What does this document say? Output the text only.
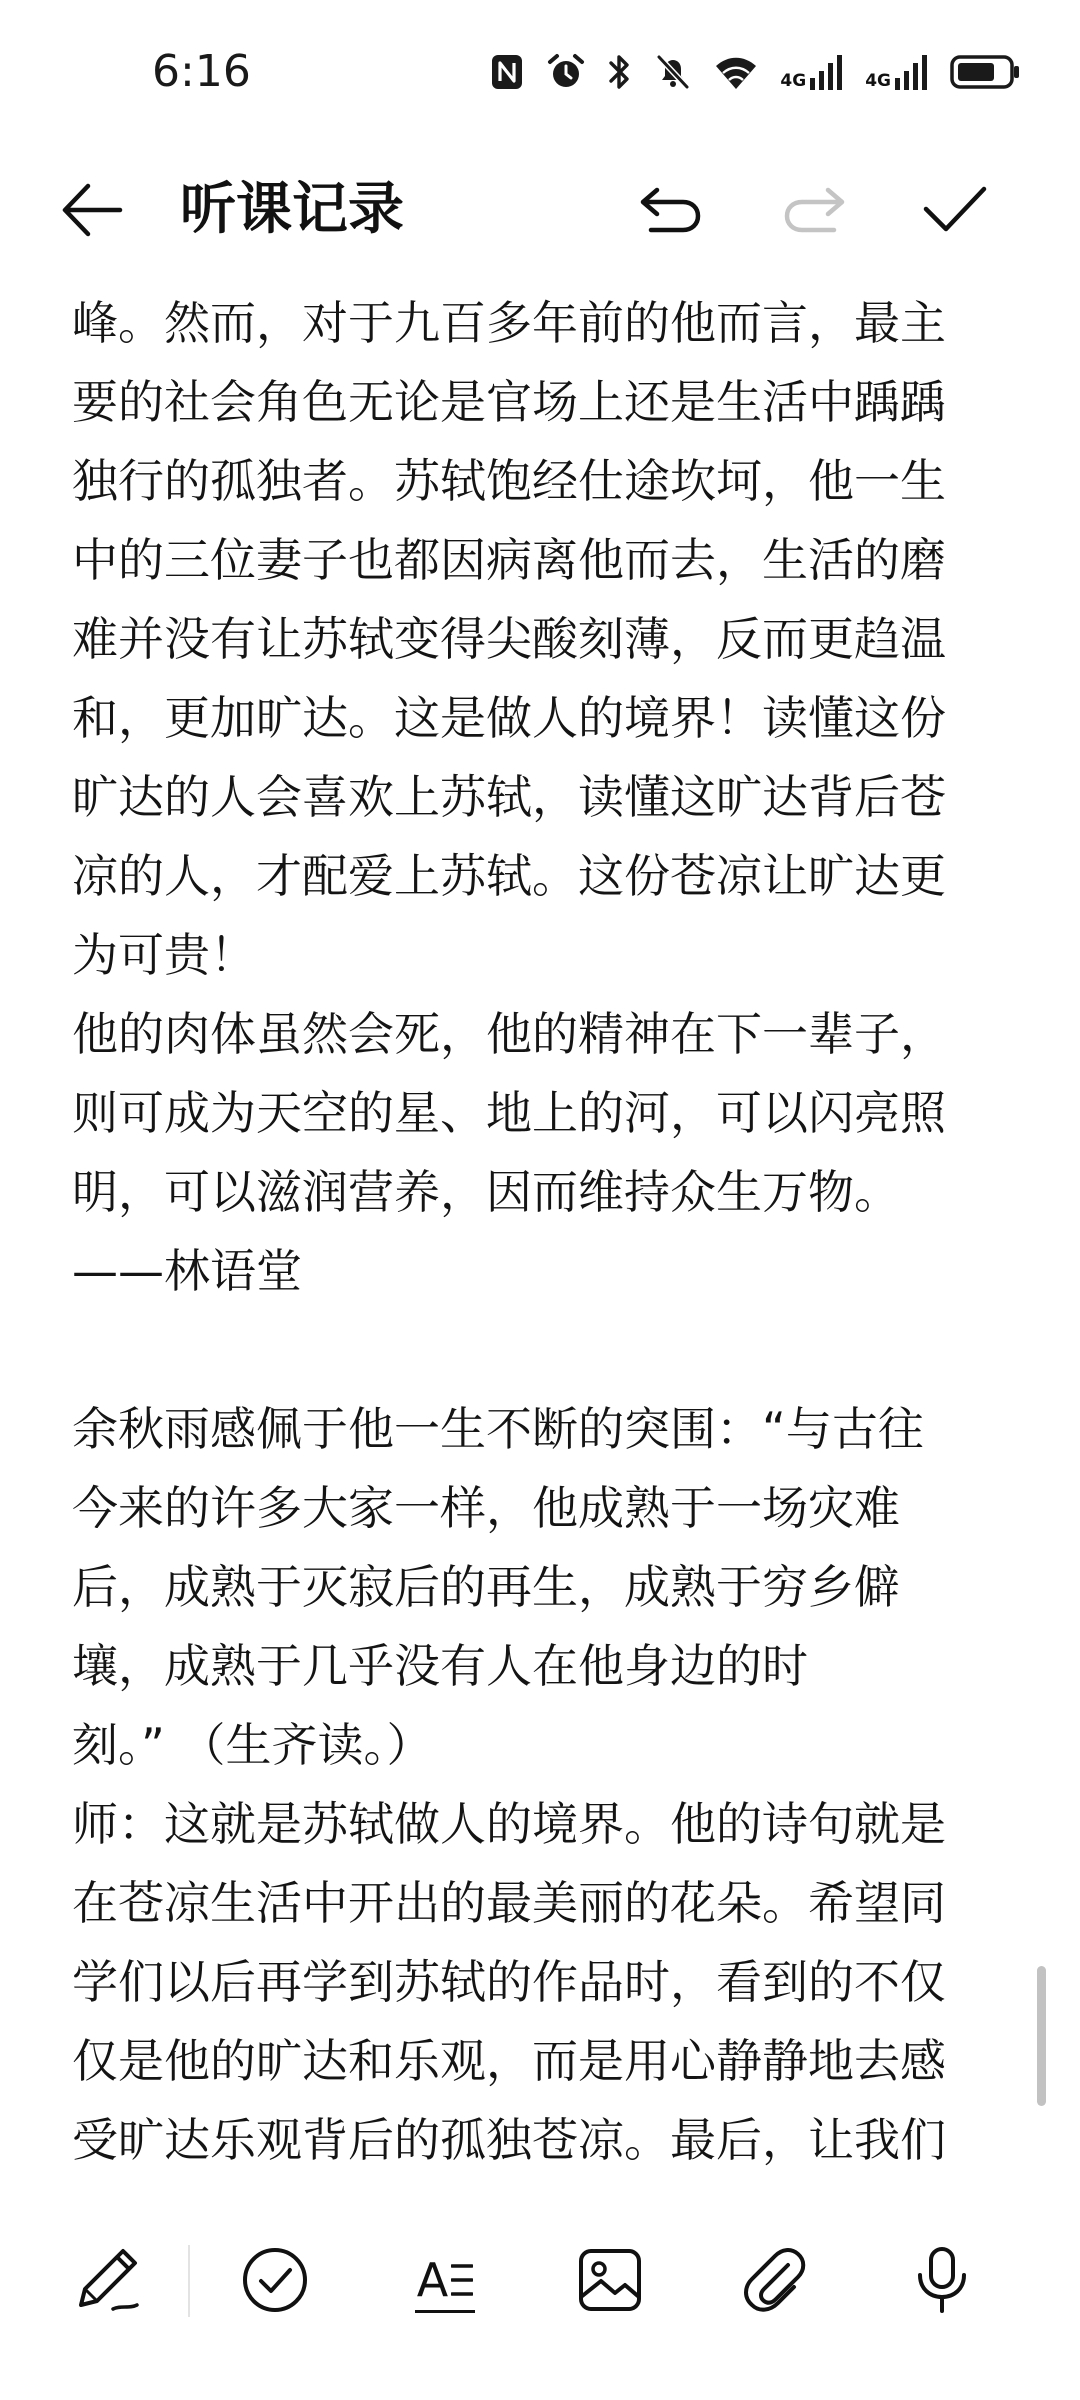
6:16	4G	4G
听课记录
峰。然而，对于九百多年前的他而言，最主
要的社会角色无论是官场上还是生活中踽踽
独行的孤独者。苏轼饱经仕途坎坷，他一生
中的三位妻子也都因病离他而去，生活的磨
难并没有让苏轼变得尖酸刻薄，反而更趋温
和，更加旷达。这是做人的境界！读懂这份
旷达的人会喜欢上苏轼，读懂这旷达背后苍
凉的人，才配爱上苏轼。这份苍凉让旷达更
为可贵！
他的肉体虽然会死，他的精神在下一辈子，
则可成为天空的星、地上的河，可以闪亮照
明，可以滋润营养，因而维持众生万物。
——林语堂
余秋雨感佩于他一生不断的突围：“与古往
今来的许多大家一样，他成熟于一场灾难
后，成熟于灭寂后的再生，成熟于穷乡僻
壤，成熟于几乎没有人在他身边的时
刻。” （生齐读。）
师：这就是苏轼做人的境界。他的诗句就是
在苍凉生活中开出的最美丽的花朵。希望同
学们以后再学到苏轼的作品时，看到的不仅
仅是他的旷达和乐观，而是用心静静地去感
受旷达乐观背后的孤独苍凉。最后，让我们
A
